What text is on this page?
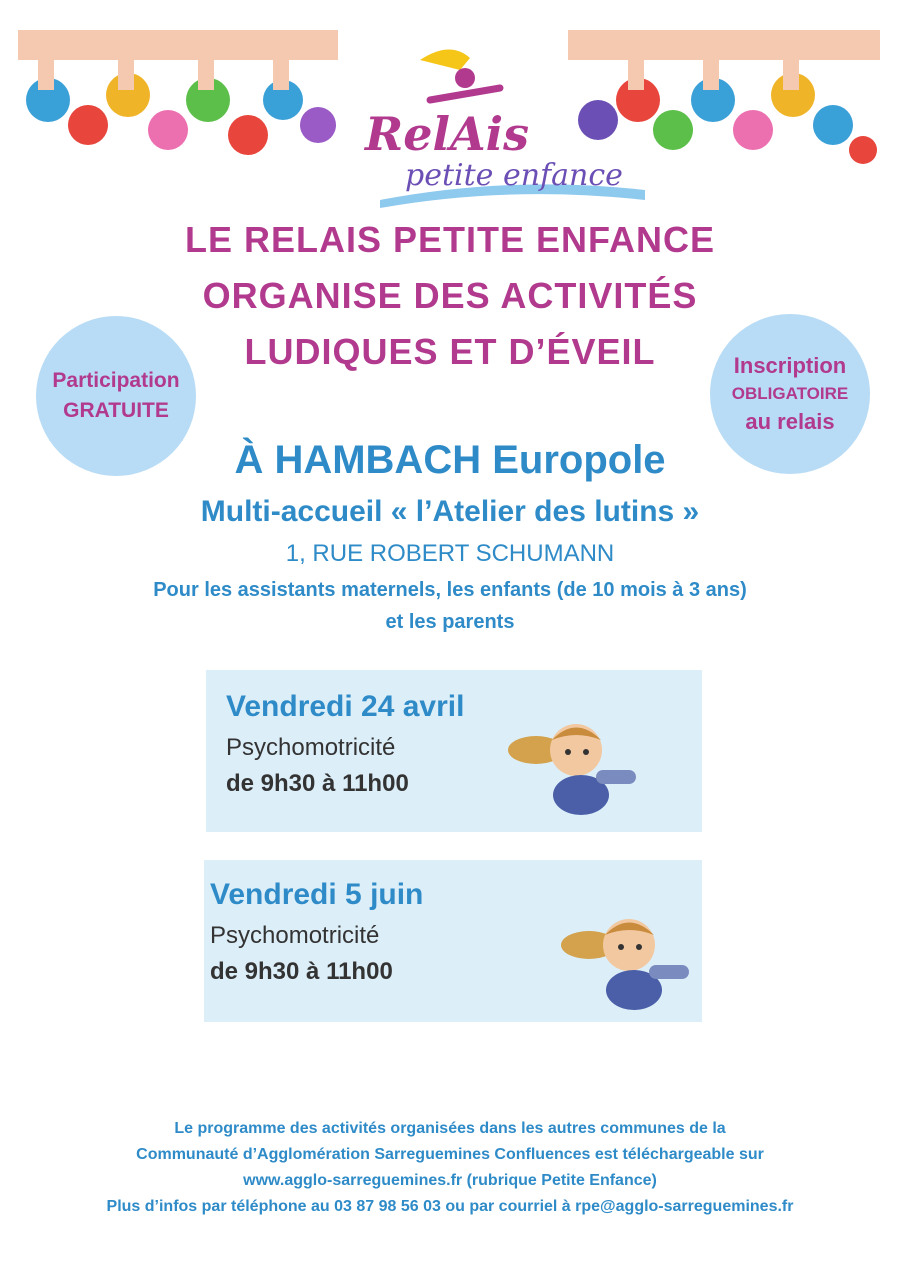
RelAis
petite enfance
LE RELAIS PETITE ENFANCE
ORGANISE DES ACTIVITÉS
LUDIQUES ET D’ÉVEIL
Participation
GRATUITE
Inscription
OBLIGATOIRE
au relais
À HAMBACH Europole
Multi-accueil « l’Atelier des lutins »
1, RUE ROBERT SCHUMANN
Pour les assistants maternels, les enfants (de 10 mois à 3 ans)
et les parents
Vendredi 24 avril
Psychomotricité
de 9h30 à 11h00
Vendredi 5 juin
Psychomotricité
de 9h30 à 11h00
Le programme des activités organisées dans les autres communes de la
Communauté d’Agglomération Sarreguemines Confluences est téléchargeable sur
www.agglo-sarreguemines.fr (rubrique Petite Enfance)
Plus d’infos par téléphone au 03 87 98 56 03 ou par courriel à rpe@agglo-sarreguemines.fr
